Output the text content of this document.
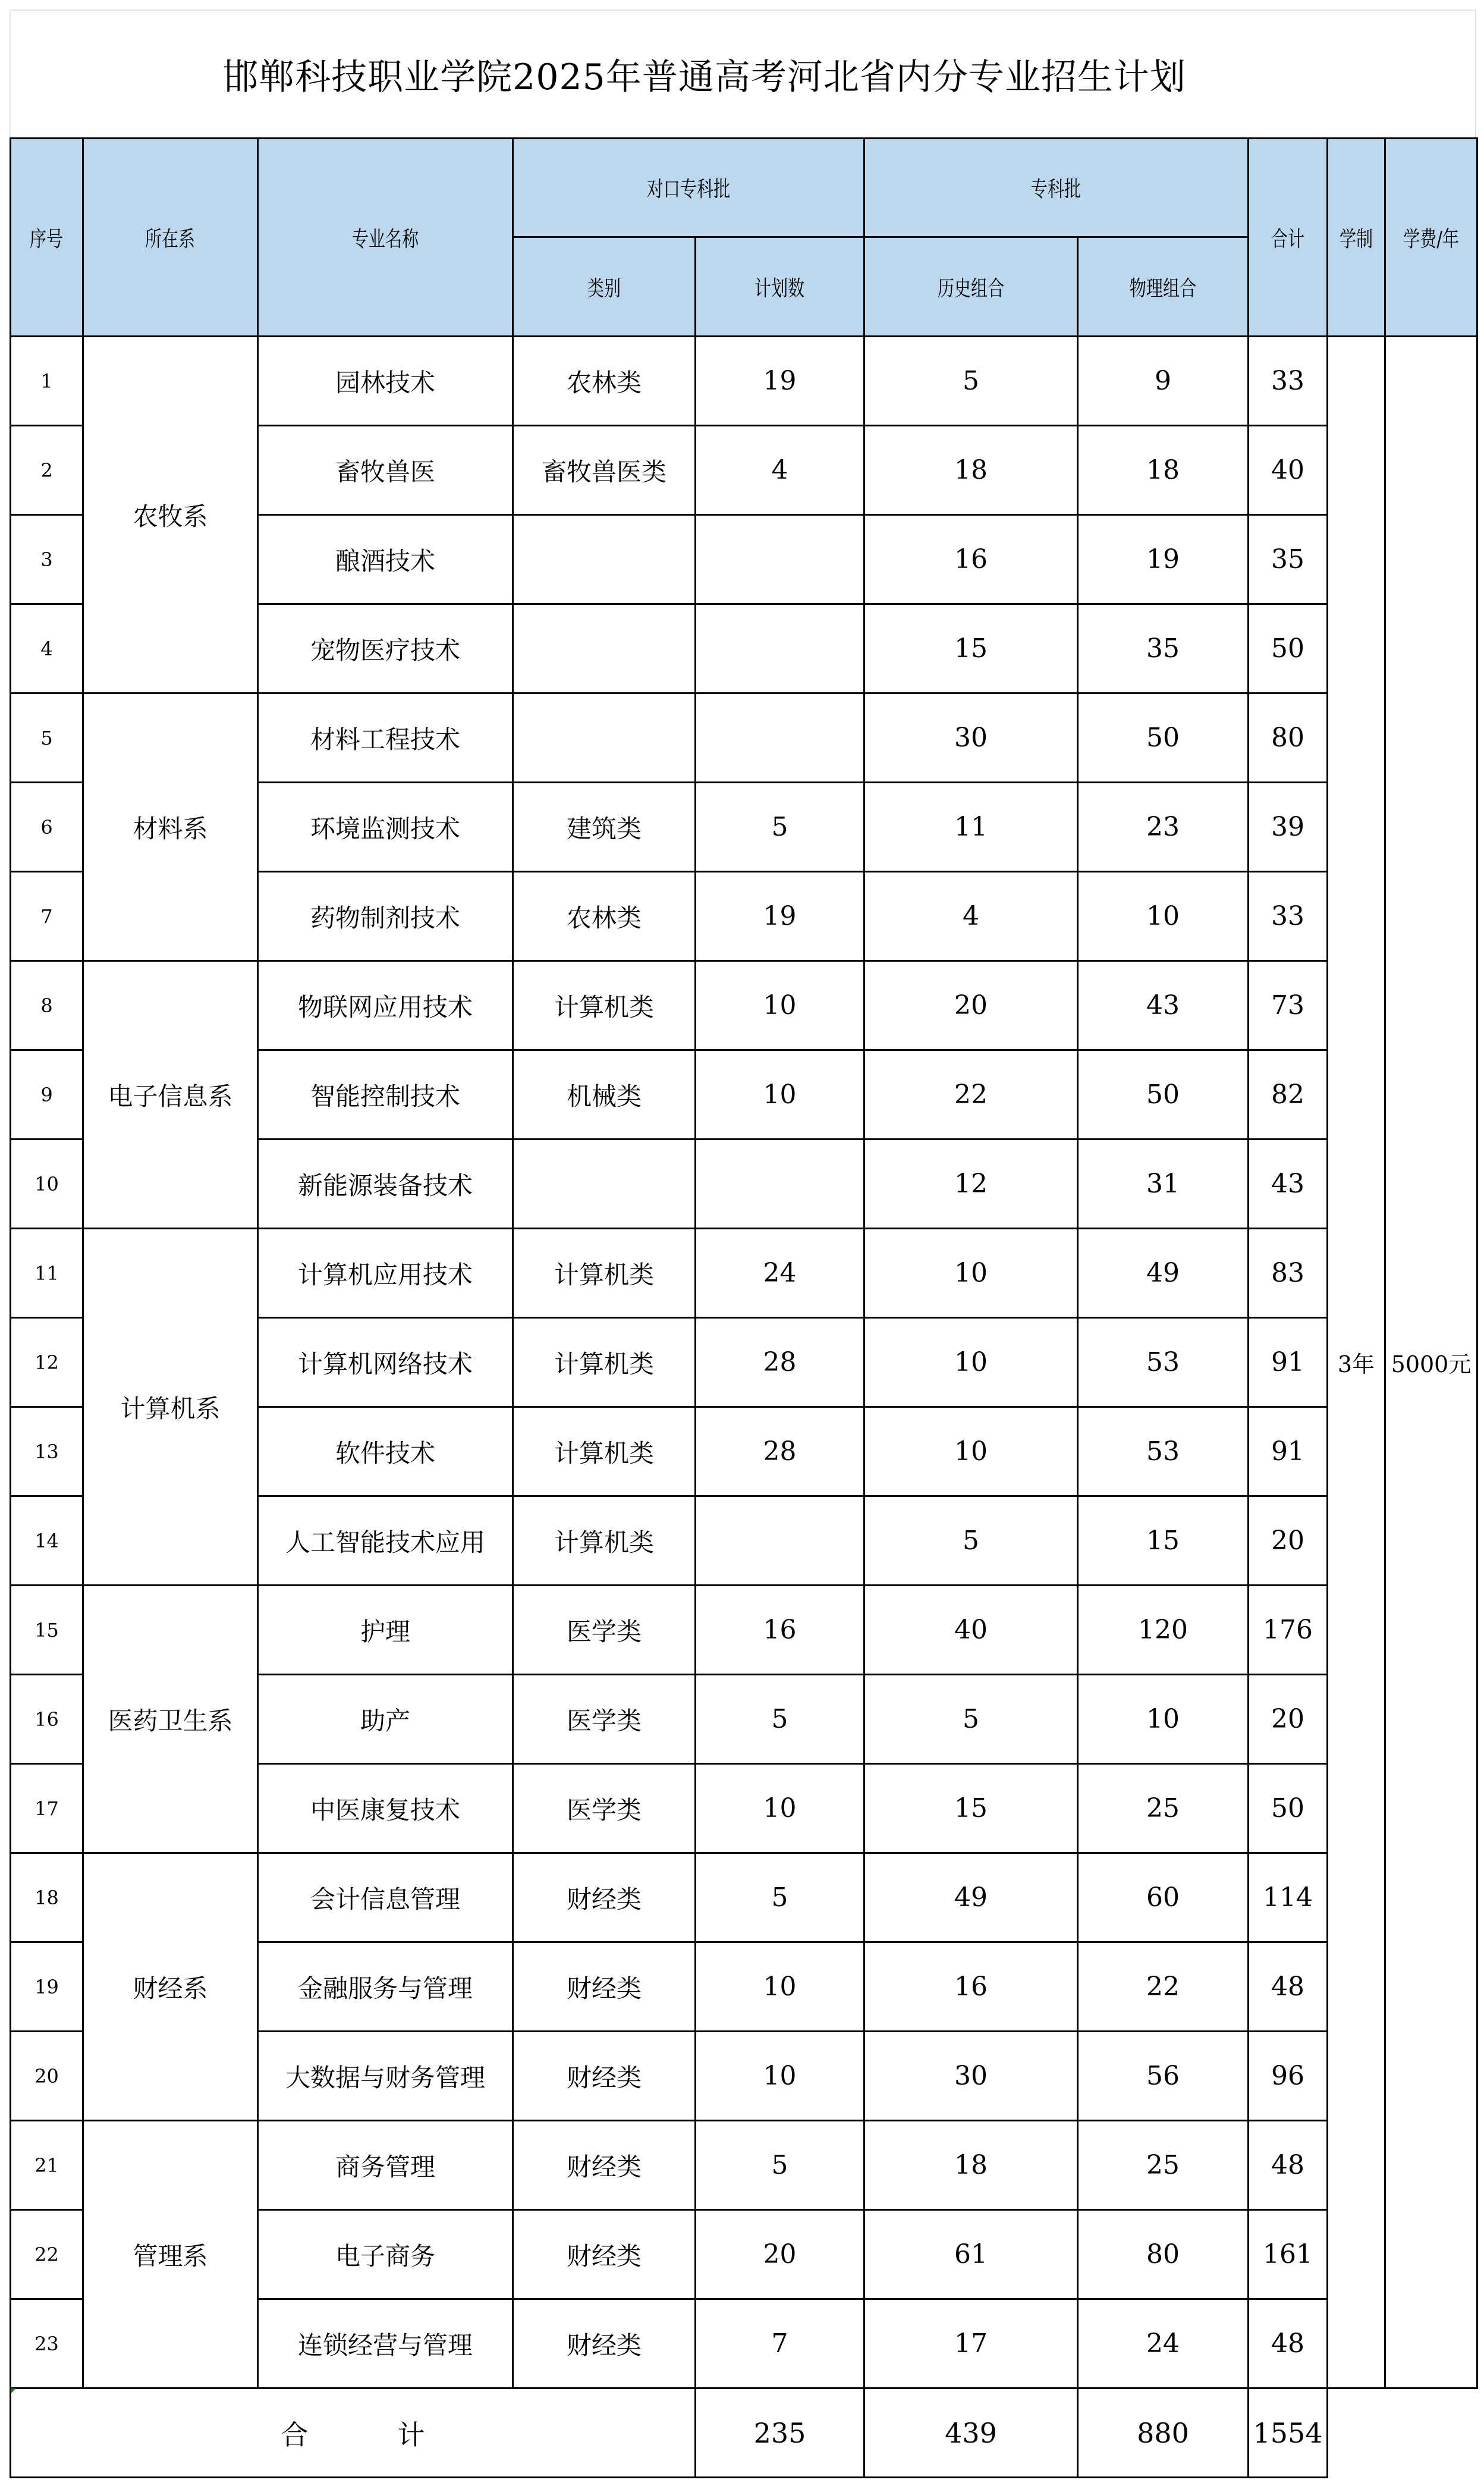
邯郸科技职业学院2025年普通高考河北省内分专业招生计划
序号	所在系	专业名称	对口专科批		专科批		合计	学制	学费/年
			类别	计划数	历史组合	物理组合			
1	农牧系	园林技术	农林类	19	5	9	33	3年	5000元
2		畜牧兽医	畜牧兽医类	4	18	18	40		
3		酿酒技术			16	19	35		
4		宠物医疗技术			15	35	50		
5	材料系	材料工程技术			30	50	80		
6		环境监测技术	建筑类	5	11	23	39		
7		药物制剂技术	农林类	19	4	10	33		
8	电子信息系	物联网应用技术	计算机类	10	20	43	73		
9		智能控制技术	机械类	10	22	50	82		
10		新能源装备技术			12	31	43		
11	计算机系	计算机应用技术	计算机类	24	10	49	83		
12		计算机网络技术	计算机类	28	10	53	91		
13		软件技术	计算机类	28	10	53	91		
14		人工智能技术应用	计算机类		5	15	20		
15	医药卫生系	护理	医学类	16	40	120	176		
16		助产	医学类	5	5	10	20		
17		中医康复技术	医学类	10	15	25	50		
18	财经系	会计信息管理	财经类	5	49	60	114		
19		金融服务与管理	财经类	10	16	22	48		
20		大数据与财务管理	财经类	10	30	56	96		
21	管理系	商务管理	财经类	5	18	25	48		
22		电子商务	财经类	20	61	80	161		
23		连锁经营与管理	财经类	7	17	24	48		
合 计				235	439	880	1554		
